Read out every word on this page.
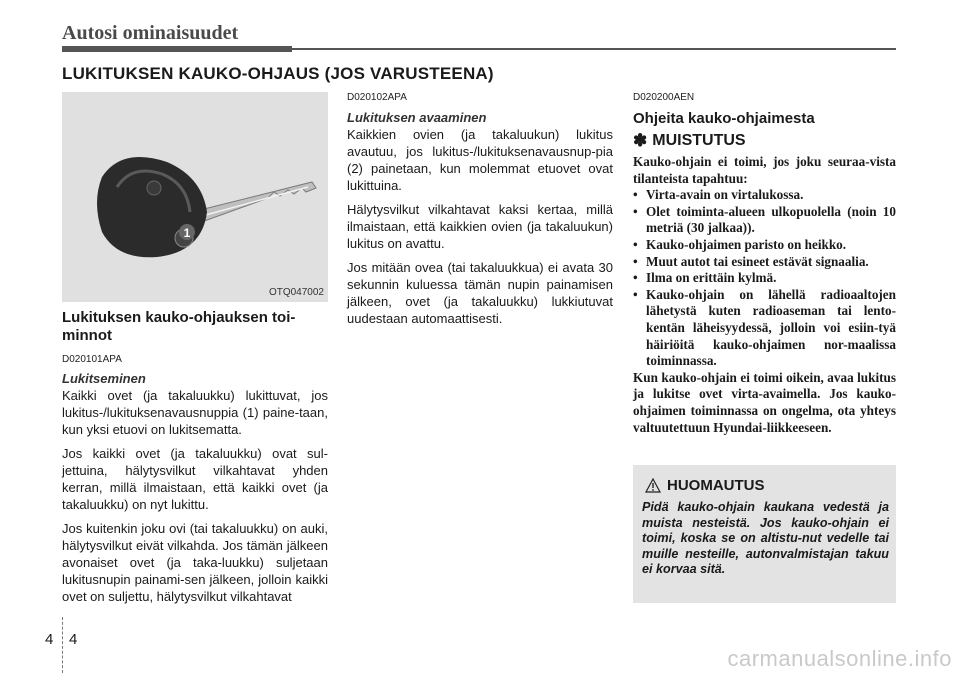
Autosi ominaisuudet
LUKITUKSEN KAUKO-OHJAUS (JOS VARUSTEENA)
1
OTQ047002

Lukituksen kauko-ohjauksen toi-minnot

D020101APA

Lukitseminen

Kaikki ovet (ja takaluukku) lukittuvat, jos lukitus-/lukituksenavausnuppia (1) paine-taan, kun yksi etuovi on lukitsematta.

Jos kaikki ovet (ja takaluukku) ovat sul-jettuina, hälytysvilkut vilkahtavat yhden kerran, millä ilmaistaan, että kaikki ovet (ja takaluukku) on nyt lukittu.

Jos kuitenkin joku ovi (tai takaluukku) on auki, hälytysvilkut eivät vilkahda. Jos tämän jälkeen avonaiset ovet (ja taka-luukku) suljetaan lukitusnupin painami-sen jälkeen, jolloin kaikki ovet on suljettu, hälytysvilkut vilkahtavat

D020102APA

Lukituksen avaaminen

Kaikkien ovien (ja takaluukun) lukitus avautuu, jos lukitus-/lukituksenavausnup-pia (2) painetaan, kun molemmat etuovet ovat lukittuina.

Hälytysvilkut vilkahtavat kaksi kertaa, millä ilmaistaan, että kaikkien ovien (ja takaluukun) lukitus on avattu.

Jos mitään ovea (tai takaluukkua) ei avata 30 sekunnin kuluessa tämän nupin painamisen jälkeen, ovet (ja takaluukku) lukkiutuvat uudestaan automaattisesti.

D020200AEN

Ohjeita kauko-ohjaimesta

✽ MUISTUTUS

Kauko-ohjain ei toimi, jos joku seuraa-vista tilanteista tapahtuu:

• Virta-avain on virtalukossa.
• Olet toiminta-alueen ulkopuolella (noin 10 metriä (30 jalkaa)).
• Kauko-ohjaimen paristo on heikko.
• Muut autot tai esineet estävät signaalia.
• Ilma on erittäin kylmä.
• Kauko-ohjain on lähellä radioaaltojen lähetystä kuten radioaseman tai lento-kentän läheisyydessä, jolloin voi esiin-tyä häiriöitä kauko-ohjaimen nor-maalissa toiminnassa.

Kun kauko-ohjain ei toimi oikein, avaa lukitus ja lukitse ovet virta-avaimella. Jos kauko-ohjaimen toiminnassa on ongelma, ota yhteys valtuutettuun Hyundai-liikkeeseen.

HUOMAUTUS

Pidä kauko-ohjain kaukana vedestä ja muista nesteistä. Jos kauko-ohjain ei toimi, koska se on altistu-nut vedelle tai muille nesteille, autonvalmistajan takuu ei korvaa sitä.

4 4
carmanualsonline.info
